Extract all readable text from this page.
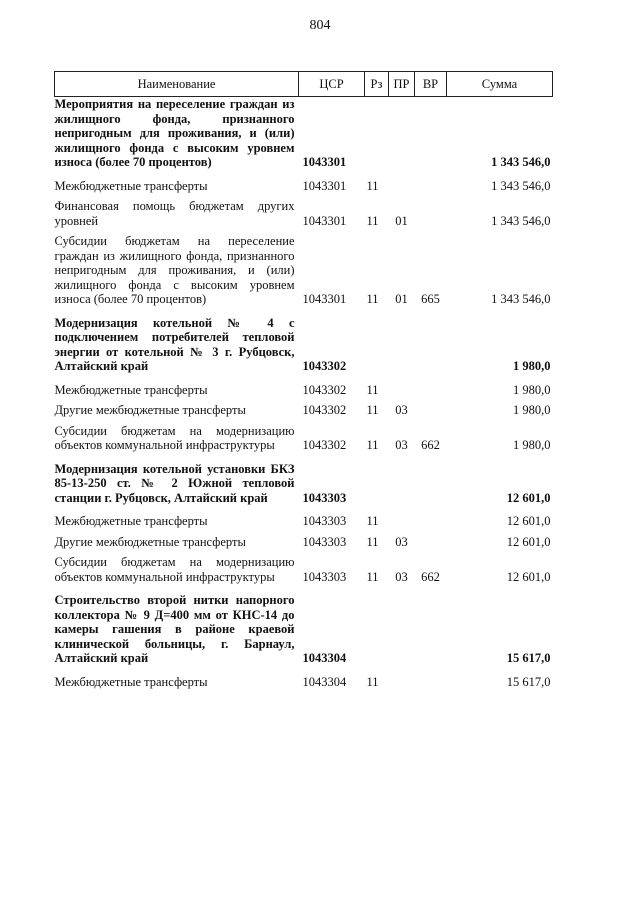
804
Наименование	ЦСР	Рз	ПР	ВР	Сумма
Мероприятия на переселение граждан из жилищного фонда, признанного непригодным для проживания, и (или) жилищного фонда с высоким уровнем износа (более 70 процентов)	1043301				1 343 546,0
Межбюджетные трансферты	1043301	11			1 343 546,0
Финансовая помощь бюджетам других уровней	1043301	11	01		1 343 546,0
Субсидии бюджетам на переселение граждан из жилищного фонда, признанного непригодным для проживания, и (или) жилищного фонда с высоким уровнем износа (более 70 процентов)	1043301	11	01	665	1 343 546,0
Модернизация котельной № 4 с подключением потребителей тепловой энергии от котельной № 3 г. Рубцовск, Алтайский край	1043302				1 980,0
Межбюджетные трансферты	1043302	11			1 980,0
Другие межбюджетные трансферты	1043302	11	03		1 980,0
Субсидии бюджетам на модернизацию объектов коммунальной инфраструктуры	1043302	11	03	662	1 980,0
Модернизация котельной установки БКЗ 85-13-250 ст. № 2 Южной тепловой станции г. Рубцовск, Алтайский край	1043303				12 601,0
Межбюджетные трансферты	1043303	11			12 601,0
Другие межбюджетные трансферты	1043303	11	03		12 601,0
Субсидии бюджетам на модернизацию объектов коммунальной инфраструктуры	1043303	11	03	662	12 601,0
Строительство второй нитки напорного коллектора № 9 Д=400 мм от КНС-14 до камеры гашения в районе краевой клинической больницы, г. Барнаул, Алтайский край	1043304				15 617,0
Межбюджетные трансферты	1043304	11			15 617,0
